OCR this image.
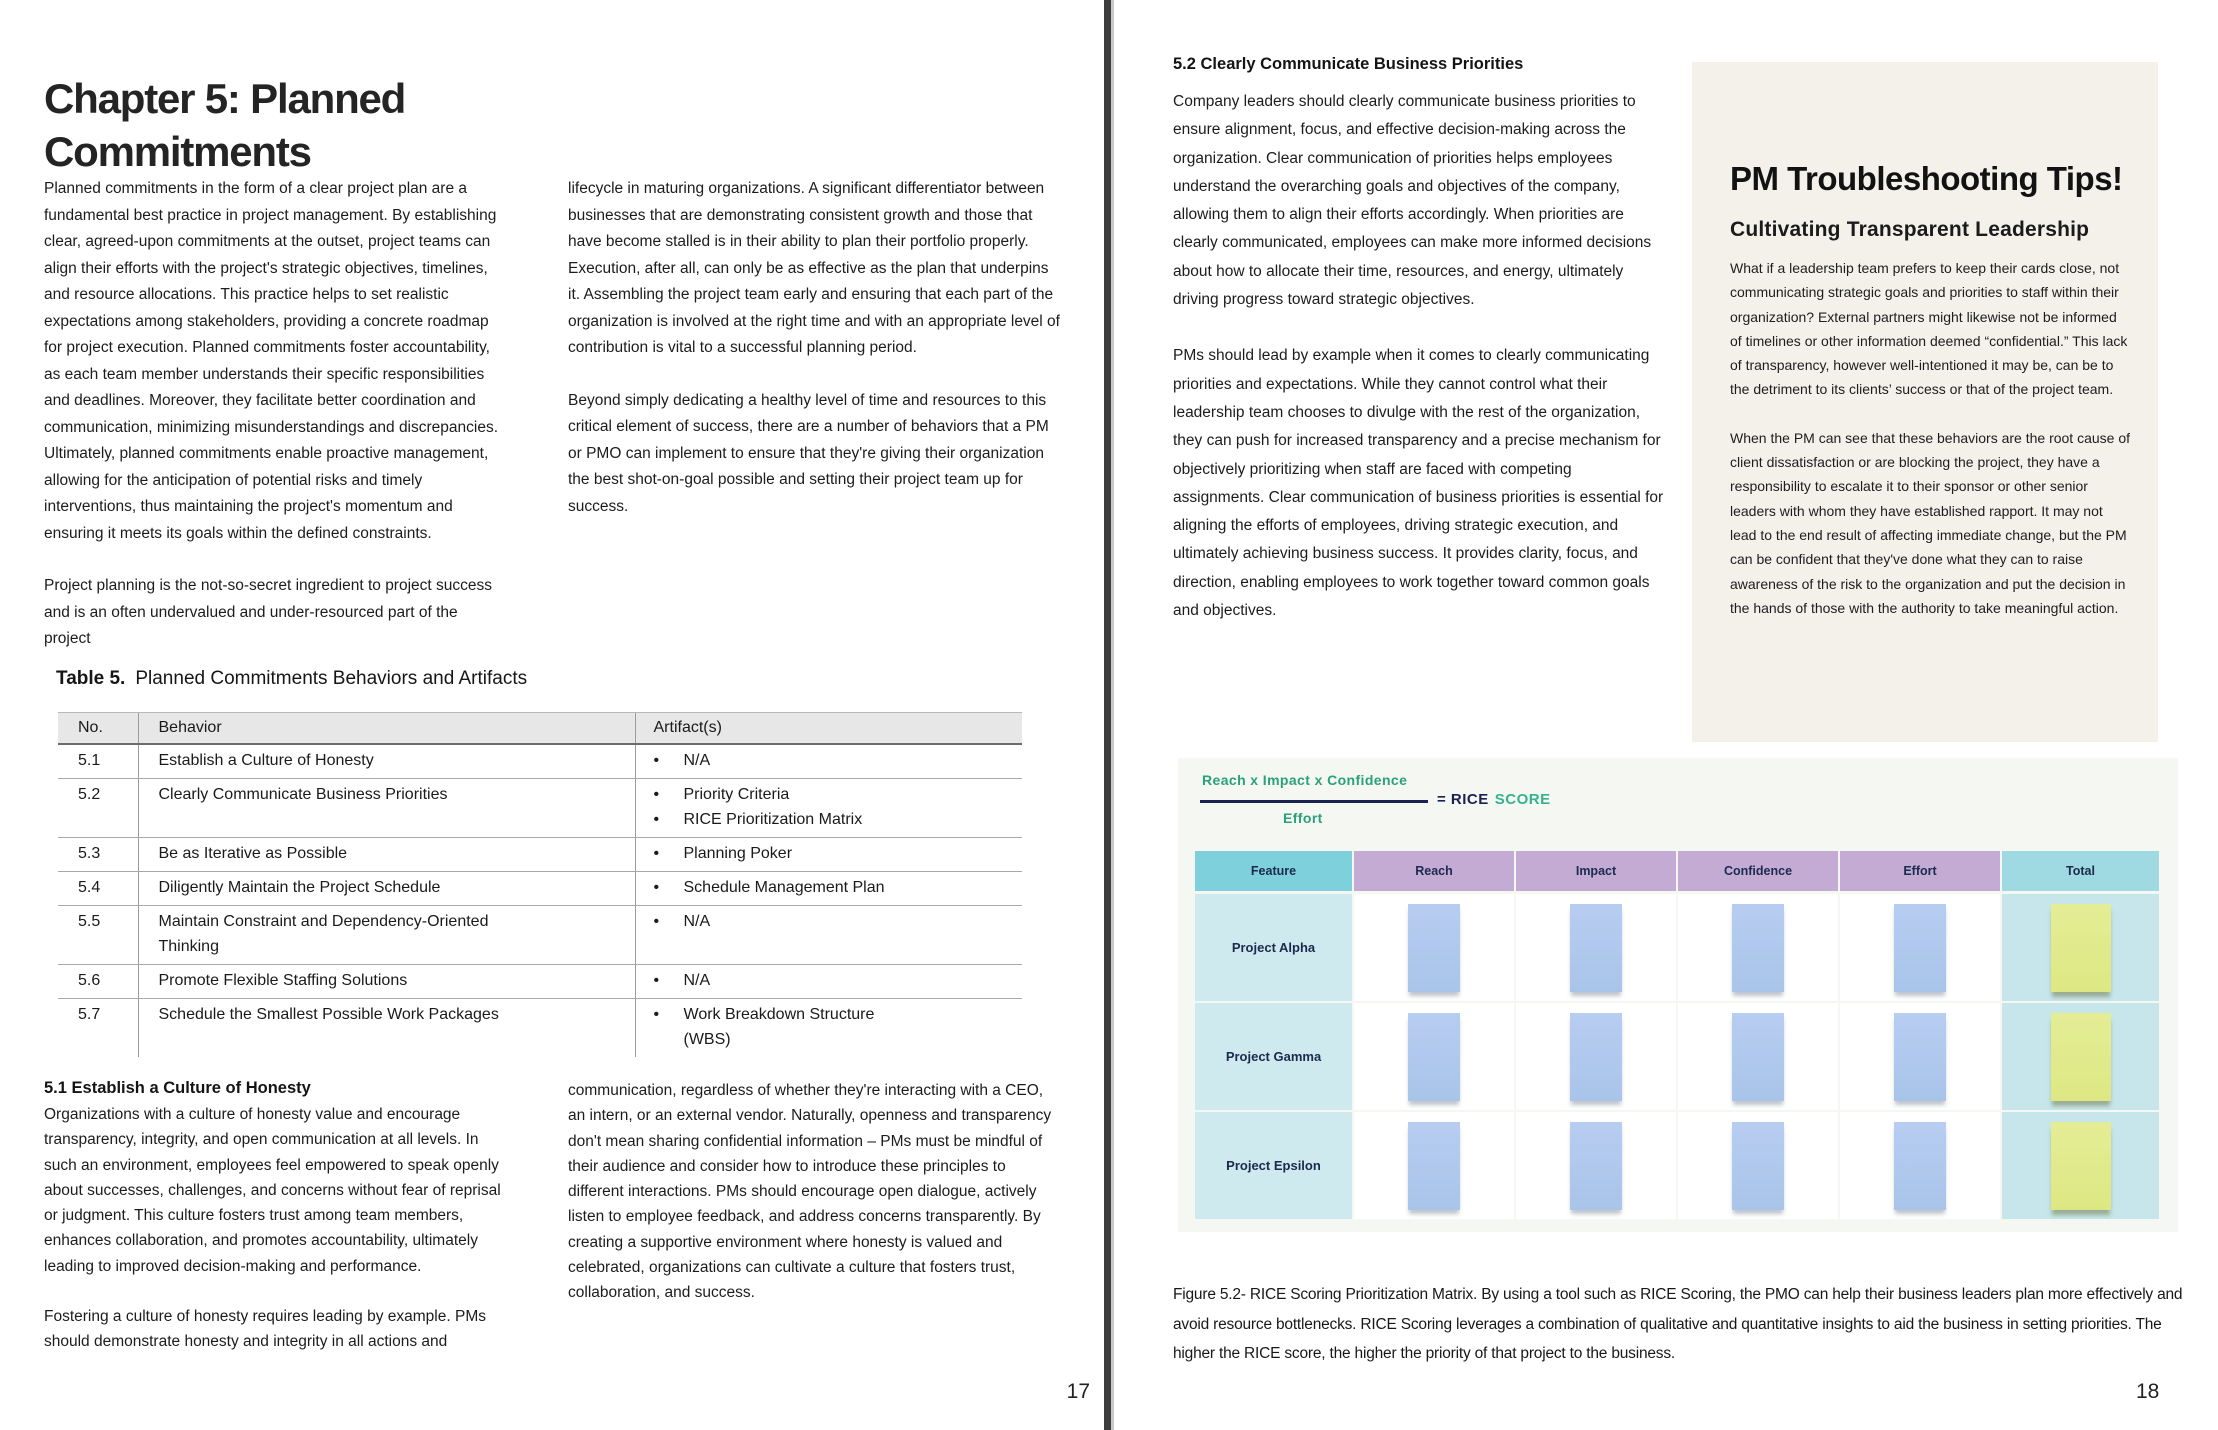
Chapter 5: Planned Commitments

Planned commitments in the form of a clear project plan are a fundamental best practice in project management. By establishing clear, agreed-upon commitments at the outset, project teams can align their efforts with the project's strategic objectives, timelines, and resource allocations. This practice helps to set realistic expectations among stakeholders, providing a concrete roadmap for project execution. Planned commitments foster accountability, as each team member understands their specific responsibilities and deadlines. Moreover, they facilitate better coordination and communication, minimizing misunderstandings and discrepancies. Ultimately, planned commitments enable proactive management, allowing for the anticipation of potential risks and timely interventions, thus maintaining the project's momentum and ensuring it meets its goals within the defined constraints.

Project planning is the not-so-secret ingredient to project success and is an often undervalued and under-resourced part of the project

lifecycle in maturing organizations. A significant differentiator between businesses that are demonstrating consistent growth and those that have become stalled is in their ability to plan their portfolio properly. Execution, after all, can only be as effective as the plan that underpins it. Assembling the project team early and ensuring that each part of the organization is involved at the right time and with an appropriate level of contribution is vital to a successful planning period.

Beyond simply dedicating a healthy level of time and resources to this critical element of success, there are a number of behaviors that a PM or PMO can implement to ensure that they're giving their organization the best shot-on-goal possible and setting their project team up for success.

Table 5. Planned Commitments Behaviors and Artifacts
No.	Behavior	Artifact(s)
5.1	Establish a Culture of Honesty	• N/A

5.2	Clearly Communicate Business Priorities	• Priority Criteria
• RICE Prioritization Matrix

5.3	Be as Iterative as Possible	• Planning Poker

5.4	Diligently Maintain the Project Schedule	• Schedule Management Plan

5.5	Maintain Constraint and Dependency-Oriented Thinking	• N/A

5.6	Promote Flexible Staffing Solutions	• N/A

5.7	Schedule the Smallest Possible Work Packages	• Work Breakdown Structure (WBS)
5.1 Establish a Culture of Honesty

Organizations with a culture of honesty value and encourage transparency, integrity, and open communication at all levels. In such an environment, employees feel empowered to speak openly about successes, challenges, and concerns without fear of reprisal or judgment. This culture fosters trust among team members, enhances collaboration, and promotes accountability, ultimately leading to improved decision-making and performance.

Fostering a culture of honesty requires leading by example. PMs should demonstrate honesty and integrity in all actions and

communication, regardless of whether they're interacting with a CEO, an intern, or an external vendor. Naturally, openness and transparency don't mean sharing confidential information – PMs must be mindful of their audience and consider how to introduce these principles to different interactions. PMs should encourage open dialogue, actively listen to employee feedback, and address concerns transparently. By creating a supportive environment where honesty is valued and celebrated, organizations can cultivate a culture that fosters trust, collaboration, and success.

17
5.2 Clearly Communicate Business Priorities

Company leaders should clearly communicate business priorities to ensure alignment, focus, and effective decision-making across the organization. Clear communication of priorities helps employees understand the overarching goals and objectives of the company, allowing them to align their efforts accordingly. When priorities are clearly communicated, employees can make more informed decisions about how to allocate their time, resources, and energy, ultimately driving progress toward strategic objectives.

PMs should lead by example when it comes to clearly communicating priorities and expectations. While they cannot control what their leadership team chooses to divulge with the rest of the organization, they can push for increased transparency and a precise mechanism for objectively prioritizing when staff are faced with competing assignments. Clear communication of business priorities is essential for aligning the efforts of employees, driving strategic execution, and ultimately achieving business success. It provides clarity, focus, and direction, enabling employees to work together toward common goals and objectives.

PM Troubleshooting Tips!
Cultivating Transparent Leadership
What if a leadership team prefers to keep their cards close, not communicating strategic goals and priorities to staff within their organization? External partners might likewise not be informed of timelines or other information deemed “confidential.” This lack of transparency, however well-intentioned it may be, can be to the detriment to its clients’ success or that of the project team.
When the PM can see that these behaviors are the root cause of client dissatisfaction or are blocking the project, they have a responsibility to escalate it to their sponsor or other senior leaders with whom they have established rapport. It may not lead to the end result of affecting immediate change, but the PM can be confident that they've done what they can to raise awareness of the risk to the organization and put the decision in the hands of those with the authority to take meaningful action.
Reach x Impact x Confidence
Effort
= RICE SCORE
Feature	Reach	Impact	Confidence	Effort	Total
Project Alpha
Project Gamma
Project Epsilon
Figure 5.2- RICE Scoring Prioritization Matrix. By using a tool such as RICE Scoring, the PMO can help their business leaders plan more effectively and avoid resource bottlenecks. RICE Scoring leverages a combination of qualitative and quantitative insights to aid the business in setting priorities. The higher the RICE score, the higher the priority of that project to the business.
18
